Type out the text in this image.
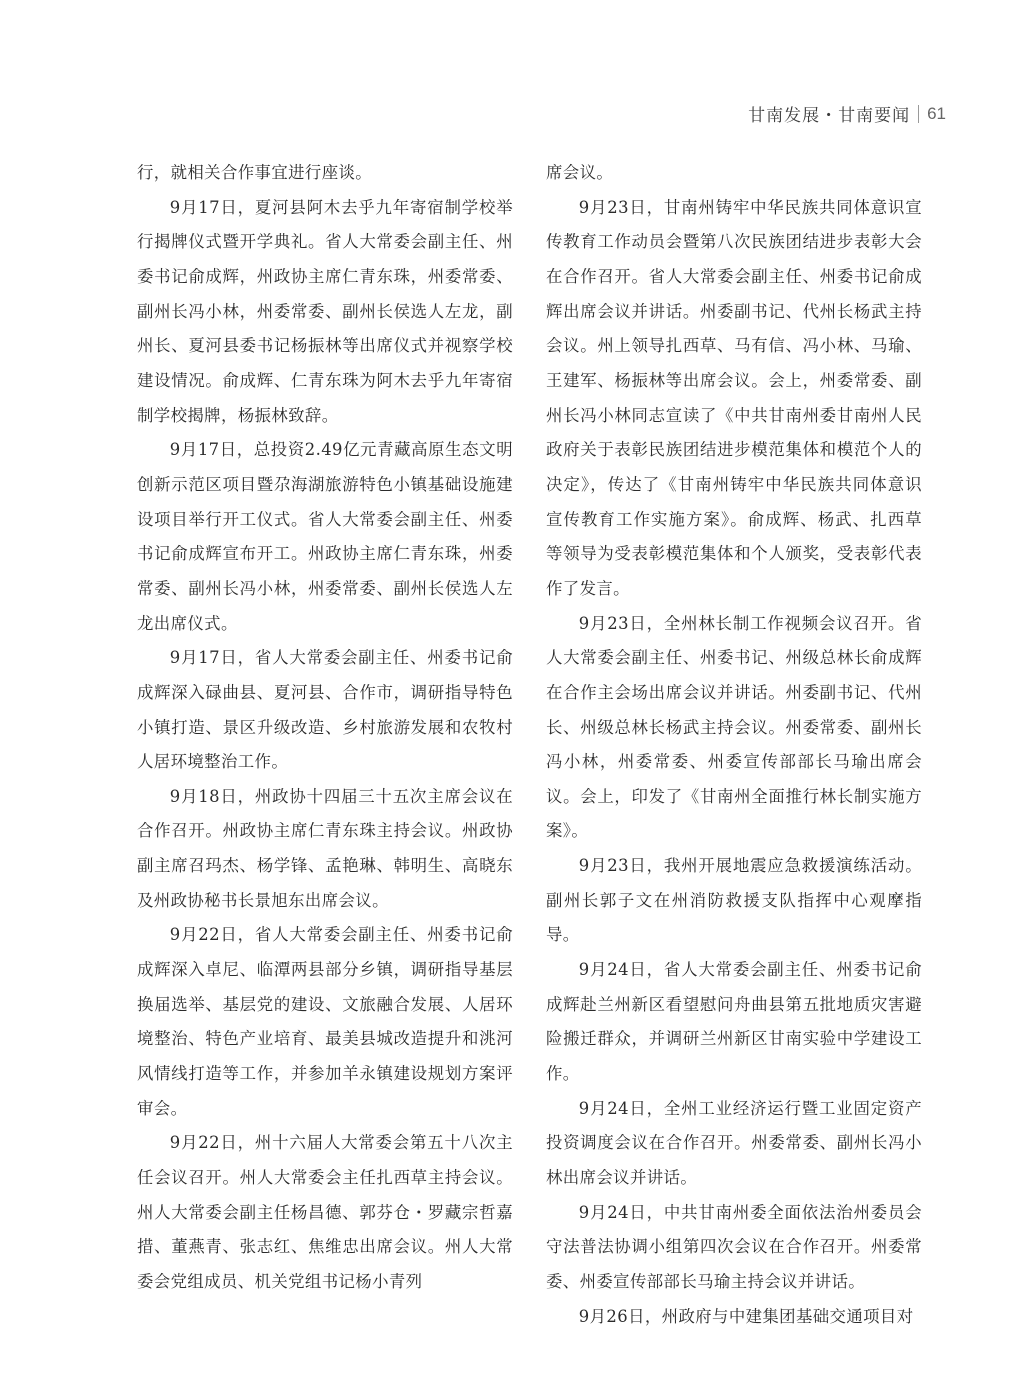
甘南发展・甘南要闻 61

行，就相关合作事宜进行座谈。

9月17日，夏河县阿木去乎九年寄宿制学校举行揭牌仪式暨开学典礼。省人大常委会副主任、州委书记俞成辉，州政协主席仁青东珠，州委常委、副州长冯小林，州委常委、副州长侯选人左龙，副州长、夏河县委书记杨振林等出席仪式并视察学校建设情况。俞成辉、仁青东珠为阿木去乎九年寄宿制学校揭牌，杨振林致辞。

9月17日，总投资2.49亿元青藏高原生态文明创新示范区项目暨尕海湖旅游特色小镇基础设施建设项目举行开工仪式。省人大常委会副主任、州委书记俞成辉宣布开工。州政协主席仁青东珠，州委常委、副州长冯小林，州委常委、副州长侯选人左龙出席仪式。

9月17日，省人大常委会副主任、州委书记俞成辉深入碌曲县、夏河县、合作市，调研指导特色小镇打造、景区升级改造、乡村旅游发展和农牧村人居环境整治工作。

9月18日，州政协十四届三十五次主席会议在合作召开。州政协主席仁青东珠主持会议。州政协副主席召玛杰、杨学锋、孟艳琳、韩明生、高晓东及州政协秘书长景旭东出席会议。

9月22日，省人大常委会副主任、州委书记俞成辉深入卓尼、临潭两县部分乡镇，调研指导基层换届选举、基层党的建设、文旅融合发展、人居环境整治、特色产业培育、最美县城改造提升和洮河风情线打造等工作，并参加羊永镇建设规划方案评审会。

9月22日，州十六届人大常委会第五十八次主任会议召开。州人大常委会主任扎西草主持会议。州人大常委会副主任杨昌德、郭芬仓・罗藏宗哲嘉措、董燕青、张志红、焦维忠出席会议。州人大常委会党组成员、机关党组书记杨小青列

席会议。

9月23日，甘南州铸牢中华民族共同体意识宣传教育工作动员会暨第八次民族团结进步表彰大会在合作召开。省人大常委会副主任、州委书记俞成辉出席会议并讲话。州委副书记、代州长杨武主持会议。州上领导扎西草、马有信、冯小林、马瑜、王建军、杨振林等出席会议。会上，州委常委、副州长冯小林同志宣读了《中共甘南州委甘南州人民政府关于表彰民族团结进步模范集体和模范个人的决定》，传达了《甘南州铸牢中华民族共同体意识宣传教育工作实施方案》。俞成辉、杨武、扎西草等领导为受表彰模范集体和个人颁奖，受表彰代表作了发言。

9月23日，全州林长制工作视频会议召开。省人大常委会副主任、州委书记、州级总林长俞成辉在合作主会场出席会议并讲话。州委副书记、代州长、州级总林长杨武主持会议。州委常委、副州长冯小林，州委常委、州委宣传部部长马瑜出席会议。会上，印发了《甘南州全面推行林长制实施方案》。

9月23日，我州开展地震应急救援演练活动。副州长郭子文在州消防救援支队指挥中心观摩指导。

9月24日，省人大常委会副主任、州委书记俞成辉赴兰州新区看望慰问舟曲县第五批地质灾害避险搬迁群众，并调研兰州新区甘南实验中学建设工作。

9月24日，全州工业经济运行暨工业固定资产投资调度会议在合作召开。州委常委、副州长冯小林出席会议并讲话。

9月24日，中共甘南州委全面依法治州委员会守法普法协调小组第四次会议在合作召开。州委常委、州委宣传部部长马瑜主持会议并讲话。

9月26日，州政府与中建集团基础交通项目对
